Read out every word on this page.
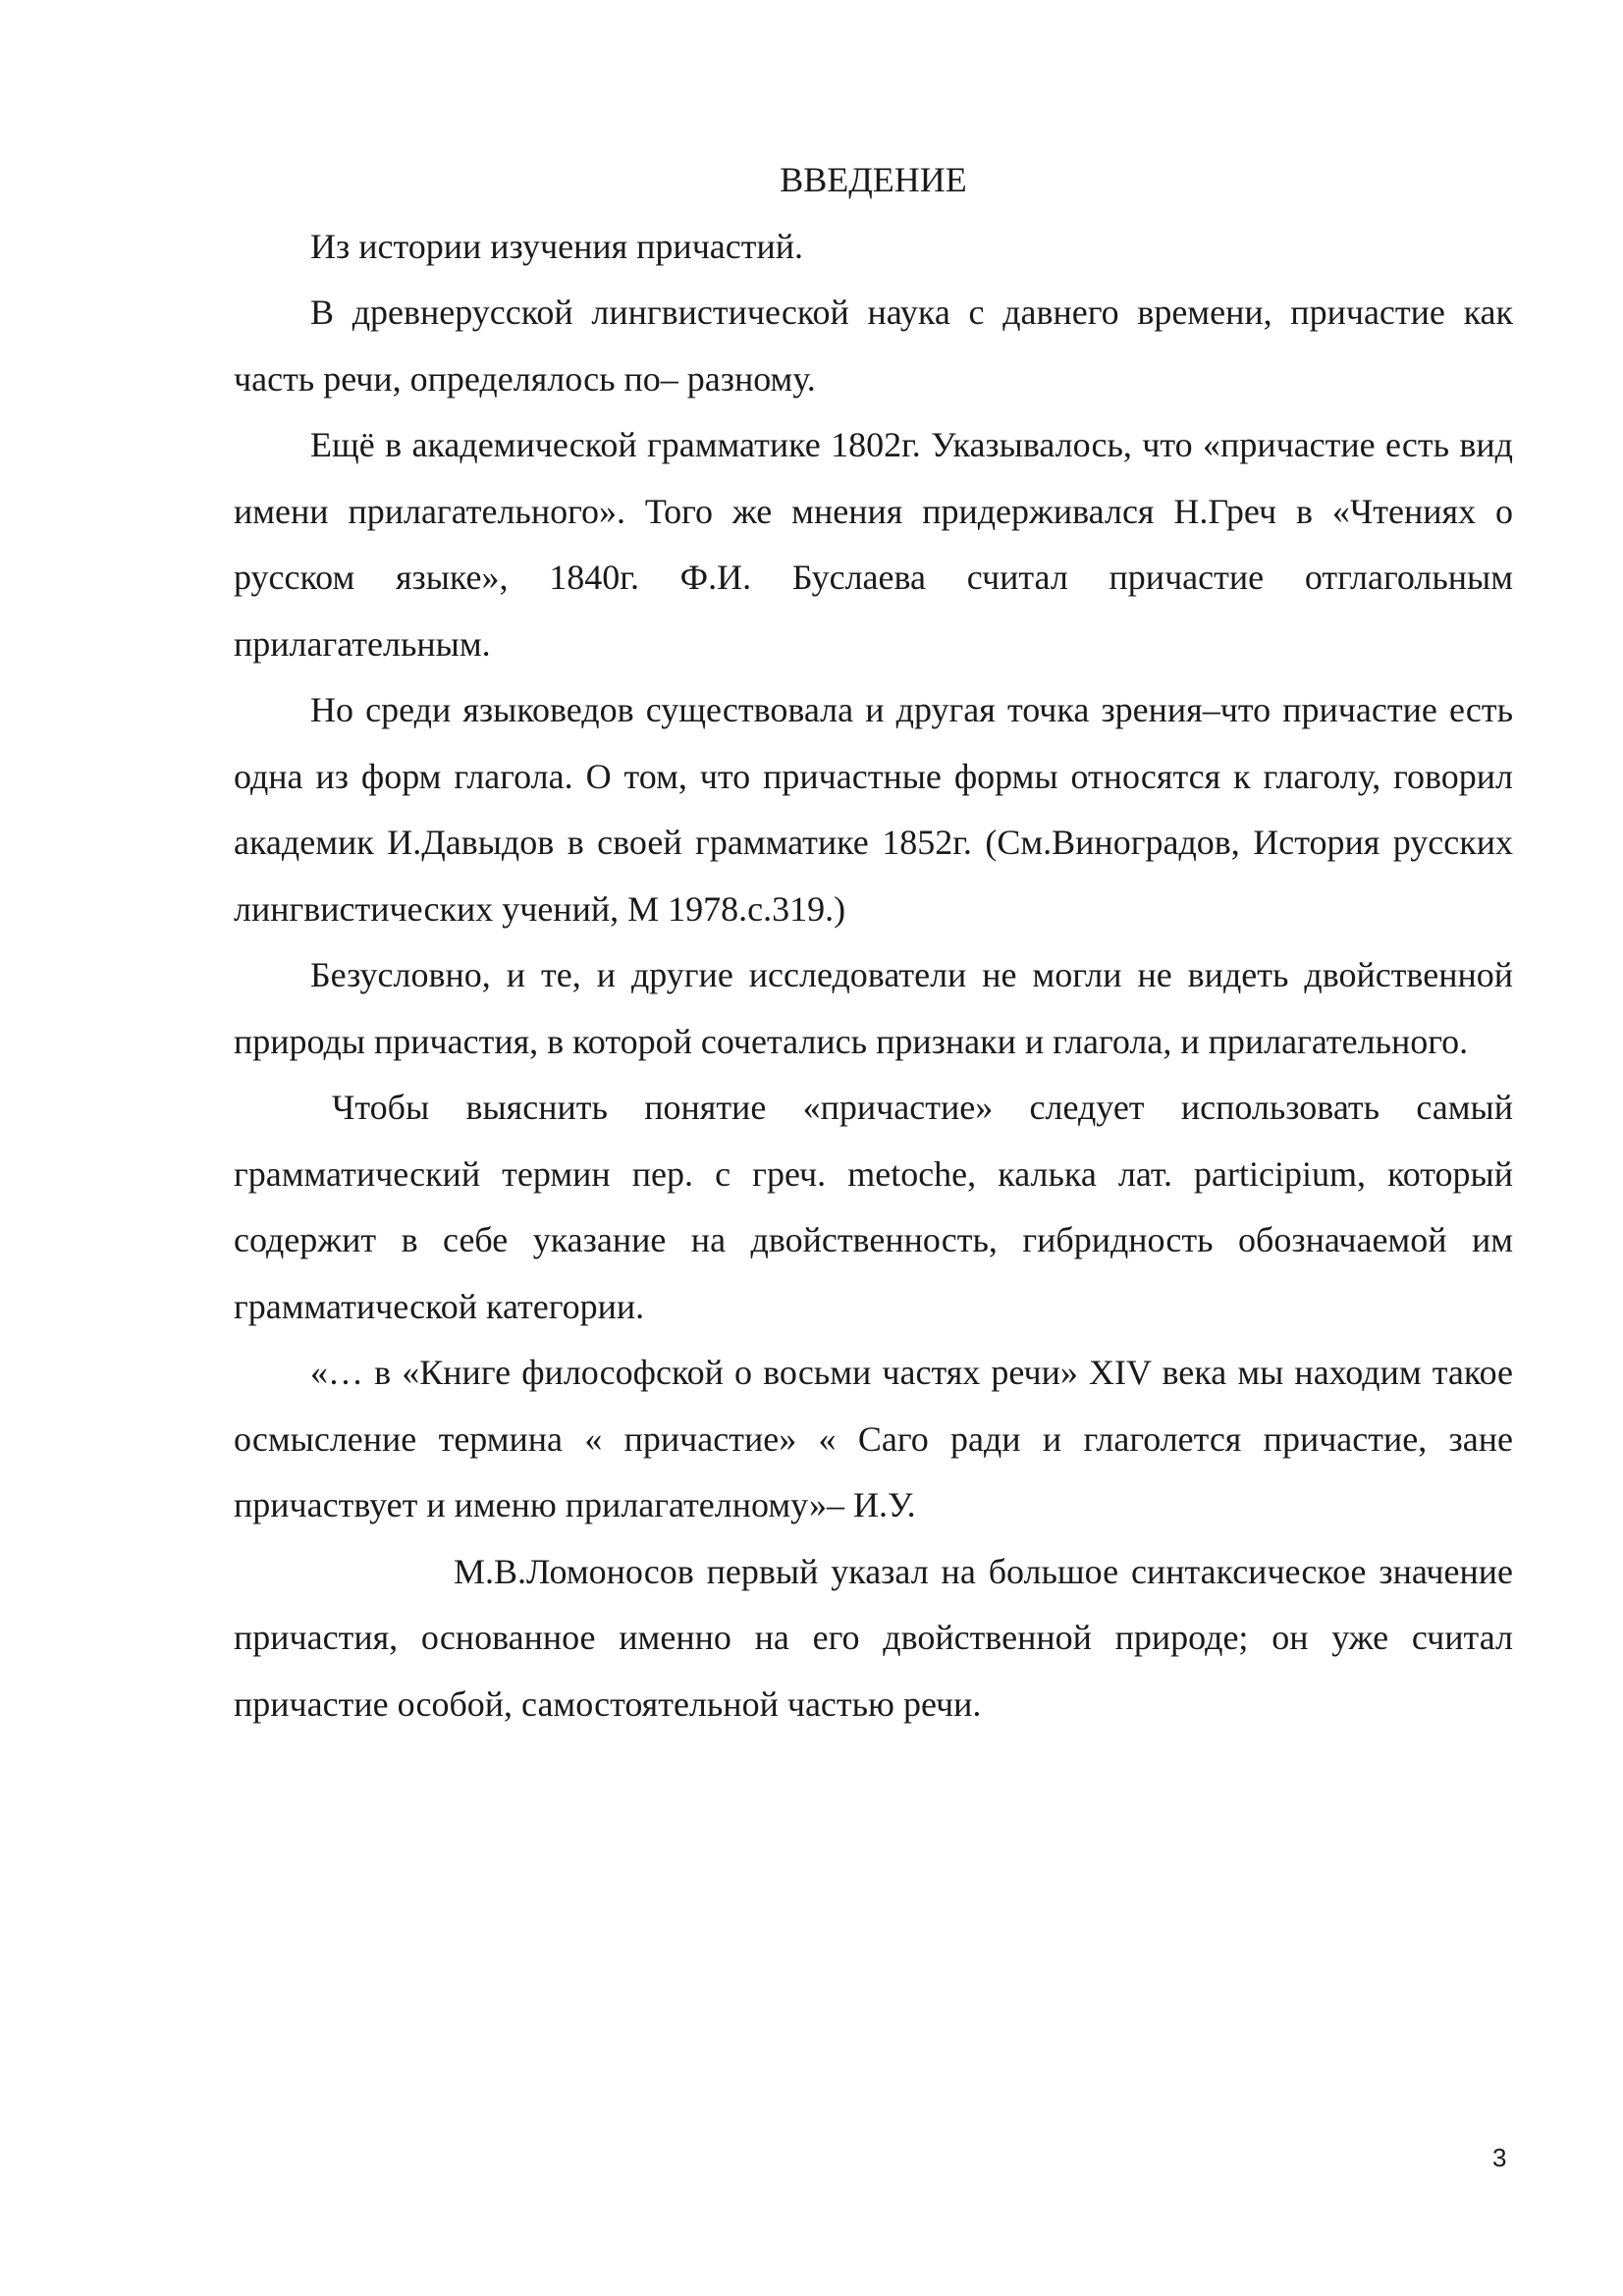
ВВЕДЕНИЕ

Из истории изучения причастий.

В древнерусской лингвистической наука с давнего времени, причастие как часть речи, определялось по– разному.

Ещё в академической грамматике 1802г. Указывалось, что «причастие есть вид имени прилагательного». Того же мнения придерживался Н.Греч в «Чтениях о русском языке», 1840г. Ф.И. Буслаева считал причастие отглагольным прилагательным.

Но среди языковедов существовала и другая точка зрения–что причастие есть одна из форм глагола. О том, что причастные формы относятся к глаголу, говорил академик И.Давыдов в своей грамматике 1852г. (См.Виноградов, История русских лингвистических учений, М 1978.с.319.)

Безусловно, и те, и другие исследователи не могли не видеть двойственной природы причастия, в которой сочетались признаки и глагола, и прилагательного.

Чтобы выяснить понятие «причастие» следует использовать самый грамматический термин пер. с греч. metoche, калька лат. participium, который содержит в себе указание на двойственность, гибридность обозначаемой им грамматической категории.

«… в «Книге философской о восьми частях речи» XIV века мы находим такое осмысление термина « причастие» « Саго ради и глаголется причастие, зане причаствует и именю прилагателному»– И.У.

М.В.Ломоносов первый указал на большое синтаксическое значение причастия, основанное именно на его двойственной природе; он уже считал причастие особой, самостоятельной частью речи.

3
